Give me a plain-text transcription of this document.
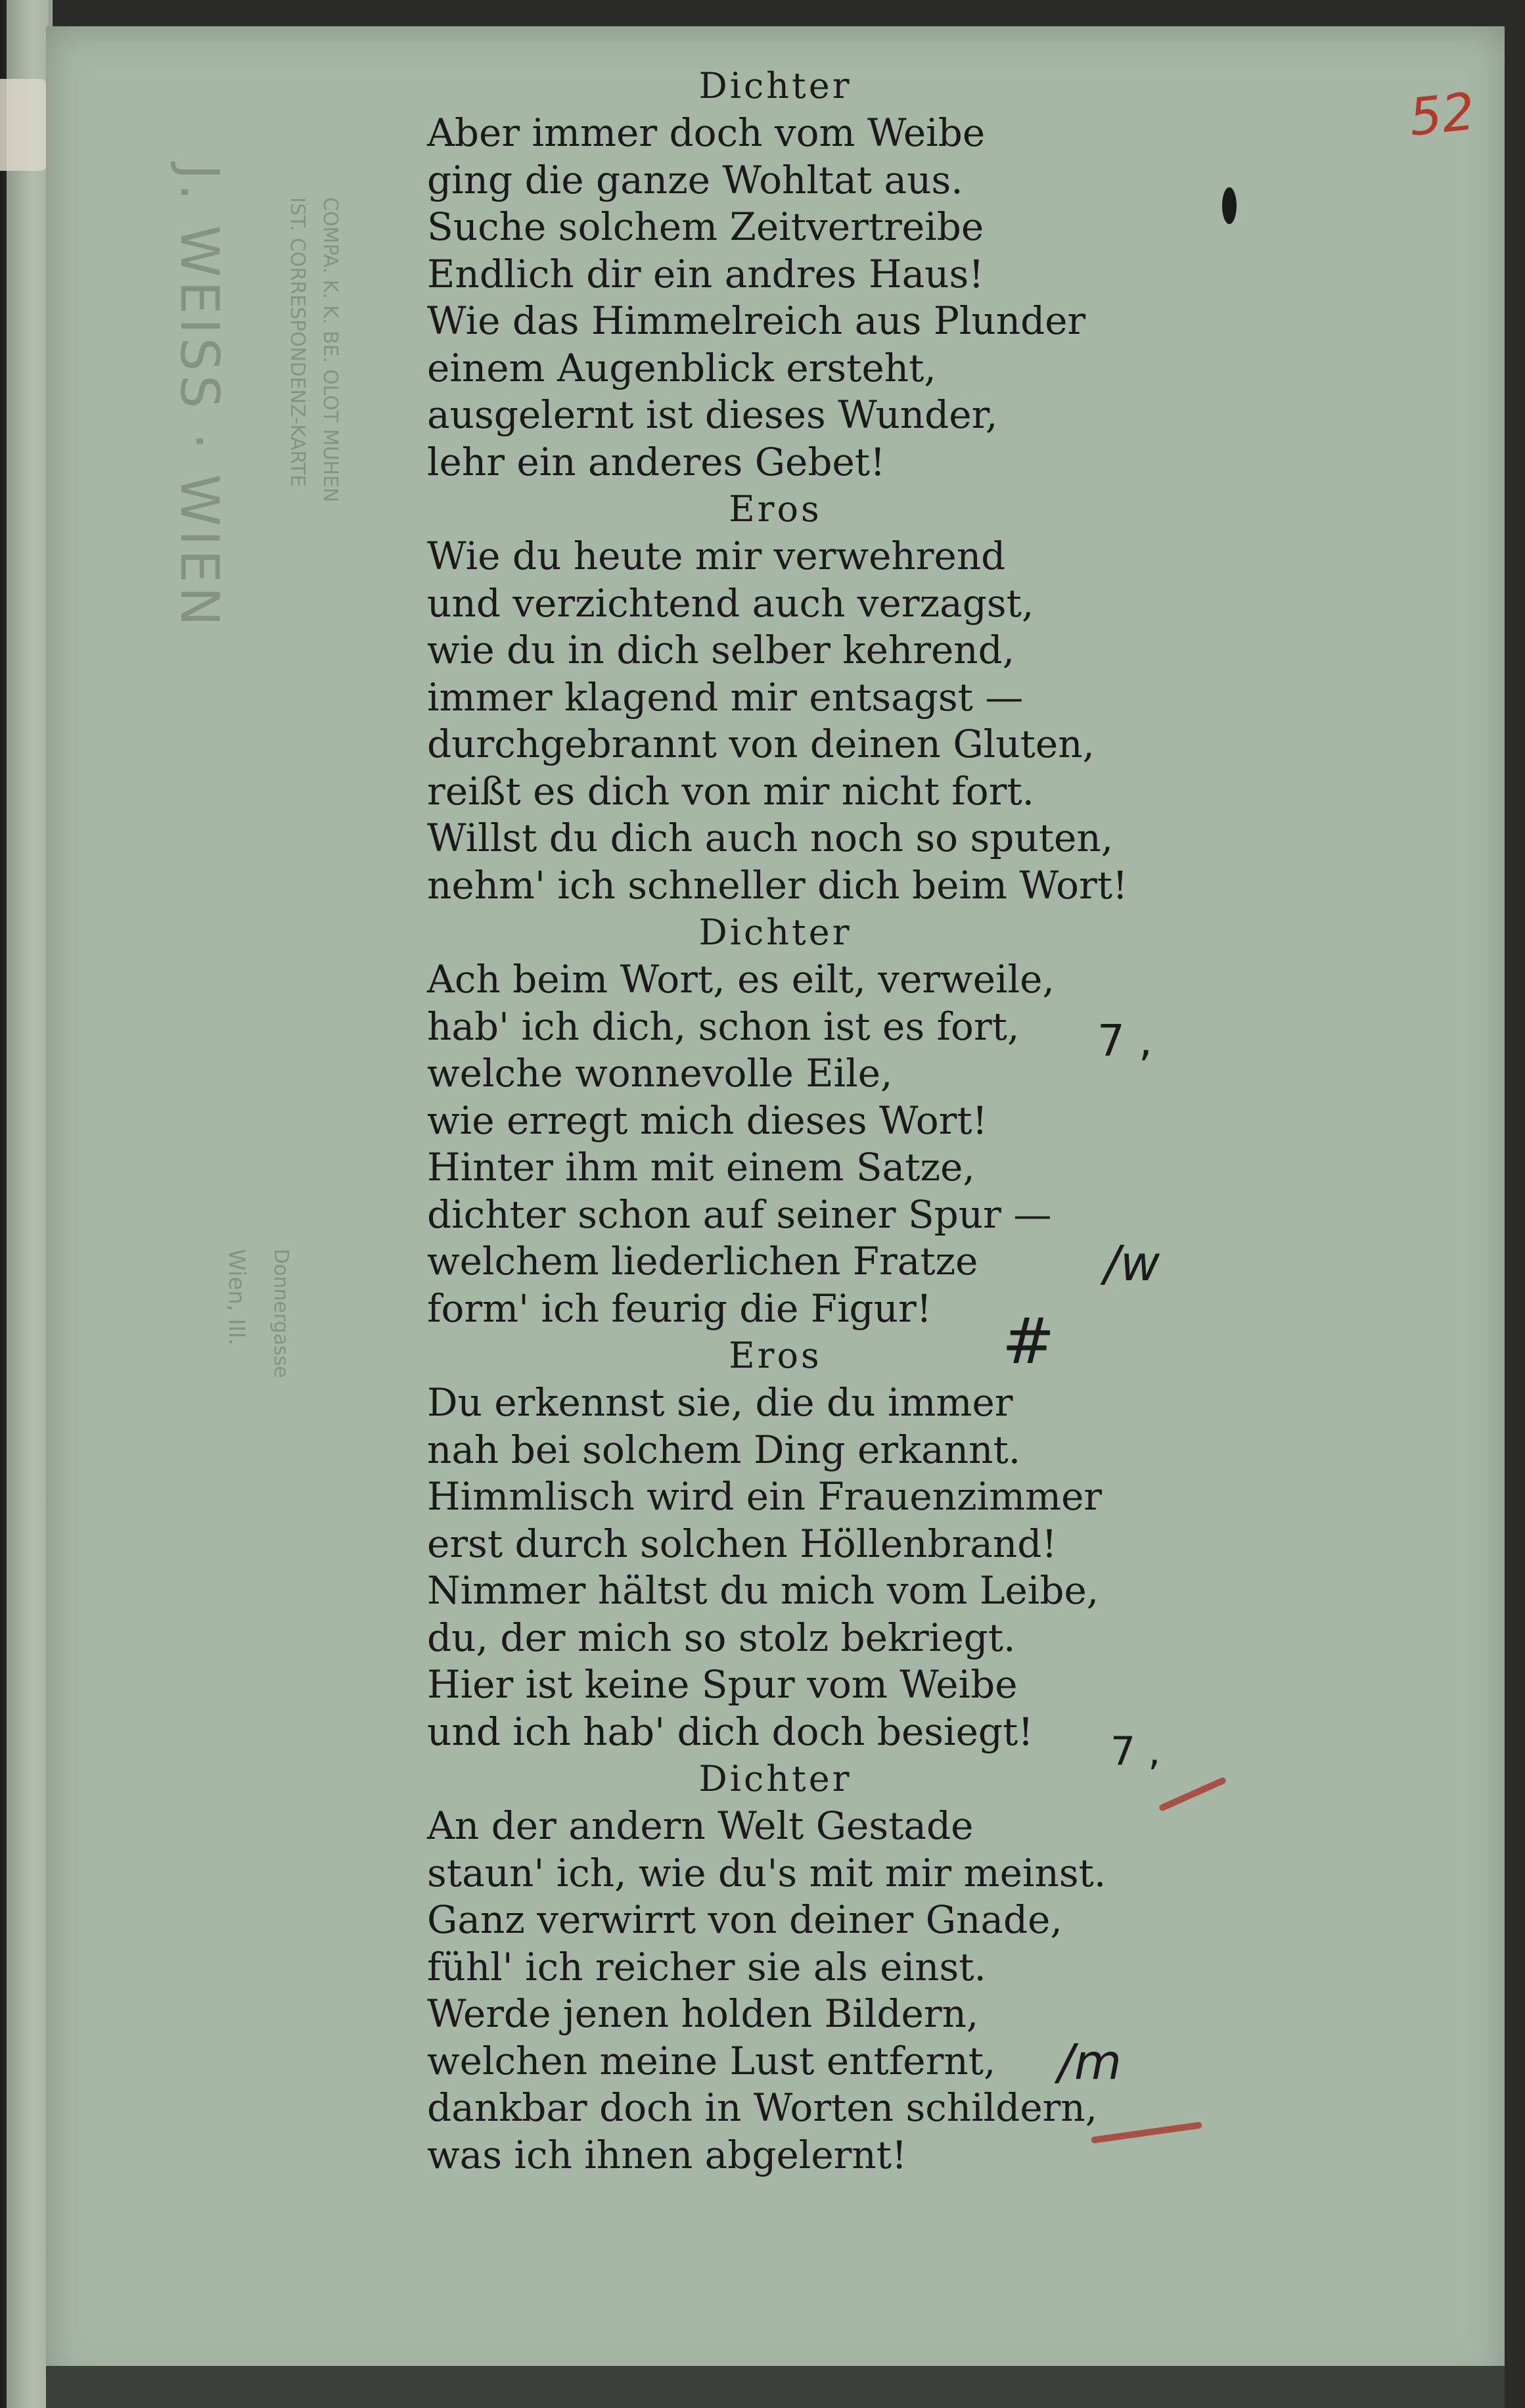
J. WEISS · WIEN	IST. CORRESPONDENZ-KARTE COMPA. K. K. BE. OLOT MUHEN
Wien, III. Donnergasse
52
Dichter
Aber immer doch vom Weibe
ging die ganze Wohltat aus.
Suche solchem Zeitvertreibe
Endlich dir ein andres Haus!
Wie das Himmelreich aus Plunder
einem Augenblick ersteht,
ausgelernt ist dieses Wunder,
lehr ein anderes Gebet!
Eros
Wie du heute mir verwehrend
und verzichtend auch verzagst,
wie du in dich selber kehrend,
immer klagend mir entsagst —
durchgebrannt von deinen Gluten,
reißt es dich von mir nicht fort.
Willst du dich auch noch so sputen,
nehm' ich schneller dich beim Wort!
Dichter
Ach beim Wort, es eilt, verweile,
hab' ich dich, schon ist es fort,
welche wonnevolle Eile,
wie erregt mich dieses Wort!
Hinter ihm mit einem Satze,
dichter schon auf seiner Spur —
welchem liederlichen Fratze
form' ich feurig die Figur!
Eros
Du erkennst sie, die du immer
nah bei solchem Ding erkannt.
Himmlisch wird ein Frauenzimmer
erst durch solchen Höllenbrand!
Nimmer hältst du mich vom Leibe,
du, der mich so stolz bekriegt.
Hier ist keine Spur vom Weibe
und ich hab' dich doch besiegt!
Dichter
An der andern Welt Gestade
staun' ich, wie du's mit mir meinst.
Ganz verwirrt von deiner Gnade,
fühl' ich reicher sie als einst.
Werde jenen holden Bildern,
welchen meine Lust entfernt,
dankbar doch in Worten schildern,
was ich ihnen abgelernt!
7 ,
/w
#
7 ,
/m
